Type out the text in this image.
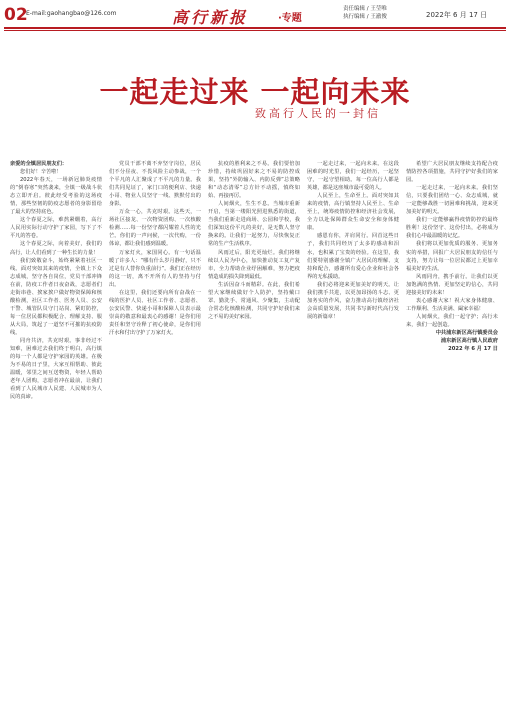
02
E-mail:gaohangbao@126.com	高行新报	·专题
责任编辑 / 王莹唯
执行编辑 / 王澈俊	2022年 6 月 17 日
一起走过来 一起向未来
致高行人民的一封信

亲爱的全镇居民朋友们：

您们好！辛苦啦！

2022年春天，一场新冠肺炎疫情的“倒春寒”突然袭来，全镇一级战斗状态立即开启。彼此经受考验的这场疫情，那些坚韧的防疫志愿者的身影留给了最大的坚持底色。

这个春夏之际，难熬紧绷着，高行人民用实际行动守护了家园，写下了不平凡的答卷。

这个春夏之际，向着美好，我们的高行，让人们看到了一种生长的力量！

我们致敬奋斗，始终紧紧着社区一线。面对突如其来的疫情，全镇上下众志成城，坚守各自岗位，党员干部冲锋在前，防疫工作者日夜奋战，志愿者们走街串巷、挨家挨户做好物资保障和核酸检测，社区工作者、医务人员、公安干警、城管队员守门站岗、紧盯防控，每一位居民都积极配合、理解支持、服从大局，筑起了一道坚不可摧的抗疫防线。

同舟共济，共克时艰。事非经过不知难，困难过去我们终于明白，高行镇的每一个人都是守护家园的英雄。在极为不易的日子里，大家互相帮助、彼此温暖，邻里之间互送物资，年轻人帮助老年人团购，志愿者冲在最前，让我们看到了人民城市人民建、人民城市为人民的真谛。

党员干部不离不弃坚守岗位，居民们不分昼夜、不畏风险主动参战，一个个平凡的人汇聚成了不平凡的力量。我们共同见证了，家门口的便利店、快递小哥、物业人员坚守一线、默默付出的身影。

万众一心，共克时艰。这些天，一场社区接龙、一次物资团购、一次核酸检测……每一份坚守都闪耀着人性的光芒。你们的一声问候，一次代购，一份体谅，都让我们感到温暖。

万家灯火，家国同心。有一句话温暖了许多人：“哪有什么岁月静好，只不过是有人替你负重前行”。我们正在经历的这一切，离不开所有人的坚持与付出。

在这里，我们还要向所有奋战在一线的医护人员、社区工作者、志愿者、公安民警、快递小哥和保障人员表示最崇高的敬意和最衷心的感谢！是你们用责任和坚守诠释了初心使命，是你们用汗水和付出守护了万家灯火。

抗疫的胜利来之不易。我们要倍加珍惜，持续巩固好来之不易的防控成果，坚持“外防输入、内防反弹”总策略和“动态清零”总方针不动摇，慎终如始、再接再厉。

人间烟火，生生不息。当城市重新开启，当第一缕阳光照进熟悉的街道，当我们重新走进商场、公园和学校，我们深知这份平凡的美好，是无数人坚守换来的。让我们一起努力，尽快恢复正常的生产生活秩序。

风雨过后，阳光更灿烂。我们将继续以人民为中心，加快推动复工复产复市，全力帮助企业纾困解难，努力把疫情造成的损失降到最低。

生活因奋斗而精彩。在此，我们希望大家继续做好个人防护，坚持戴口罩、勤洗手、常通风、少聚集，主动配合常态化核酸检测，共同守护好我们来之不易的美好家园。

一起走过来，一起向未来。在这段困难的时光里，我们一起经历，一起坚守，一起守望相助。每一位高行人都是英雄，都是这座城市最可爱的人。

人民至上，生命至上。面对突如其来的疫情，高行镇坚持人民至上、生命至上，统筹疫情防控和经济社会发展，全力以赴保障群众生命安全和身体健康。

感恩有你，并肩同行。回首这些日子，我们共同经历了太多的感动和泪水，也积累了宝贵的经验。在这里，我们要特别感谢全镇广大居民的理解、支持和配合，感谢所有爱心企业和社会各界的无私援助。

我们必将迎来更加美好的明天。让我们携手共进，以更加昂扬的斗志、更加务实的作风，奋力推动高行镇经济社会高质量发展，共同书写新时代高行发展的新篇章！

希望广大居民朋友继续支持配合疫情防控各项措施，共同守护好我们的家园。

一起走过来，一起向未来。我们坚信，只要我们团结一心、众志成城，就一定能够战胜一切困难和挑战，迎来更加美好的明天。

我们一定能够赢得疫情防控的最终胜利！这份坚守、这份付出，必将成为我们心中最温暖的记忆。

我们将以更加优质的服务、更加务实的举措，回报广大居民朋友的信任与支持，努力让每一位居民都过上更加幸福美好的生活。

风雨同舟，携手前行。让我们以更加饱满的热情、更加坚定的信心，共同迎接美好的未来！

衷心感谢大家！祝大家身体健康、工作顺利、生活美满、阖家幸福！

人间烟火，我们一起守护；高行未来，我们一起创造。

中共浦东新区高行镇委员会

浦东新区高行镇人民政府

2022 年 6 月 17 日
